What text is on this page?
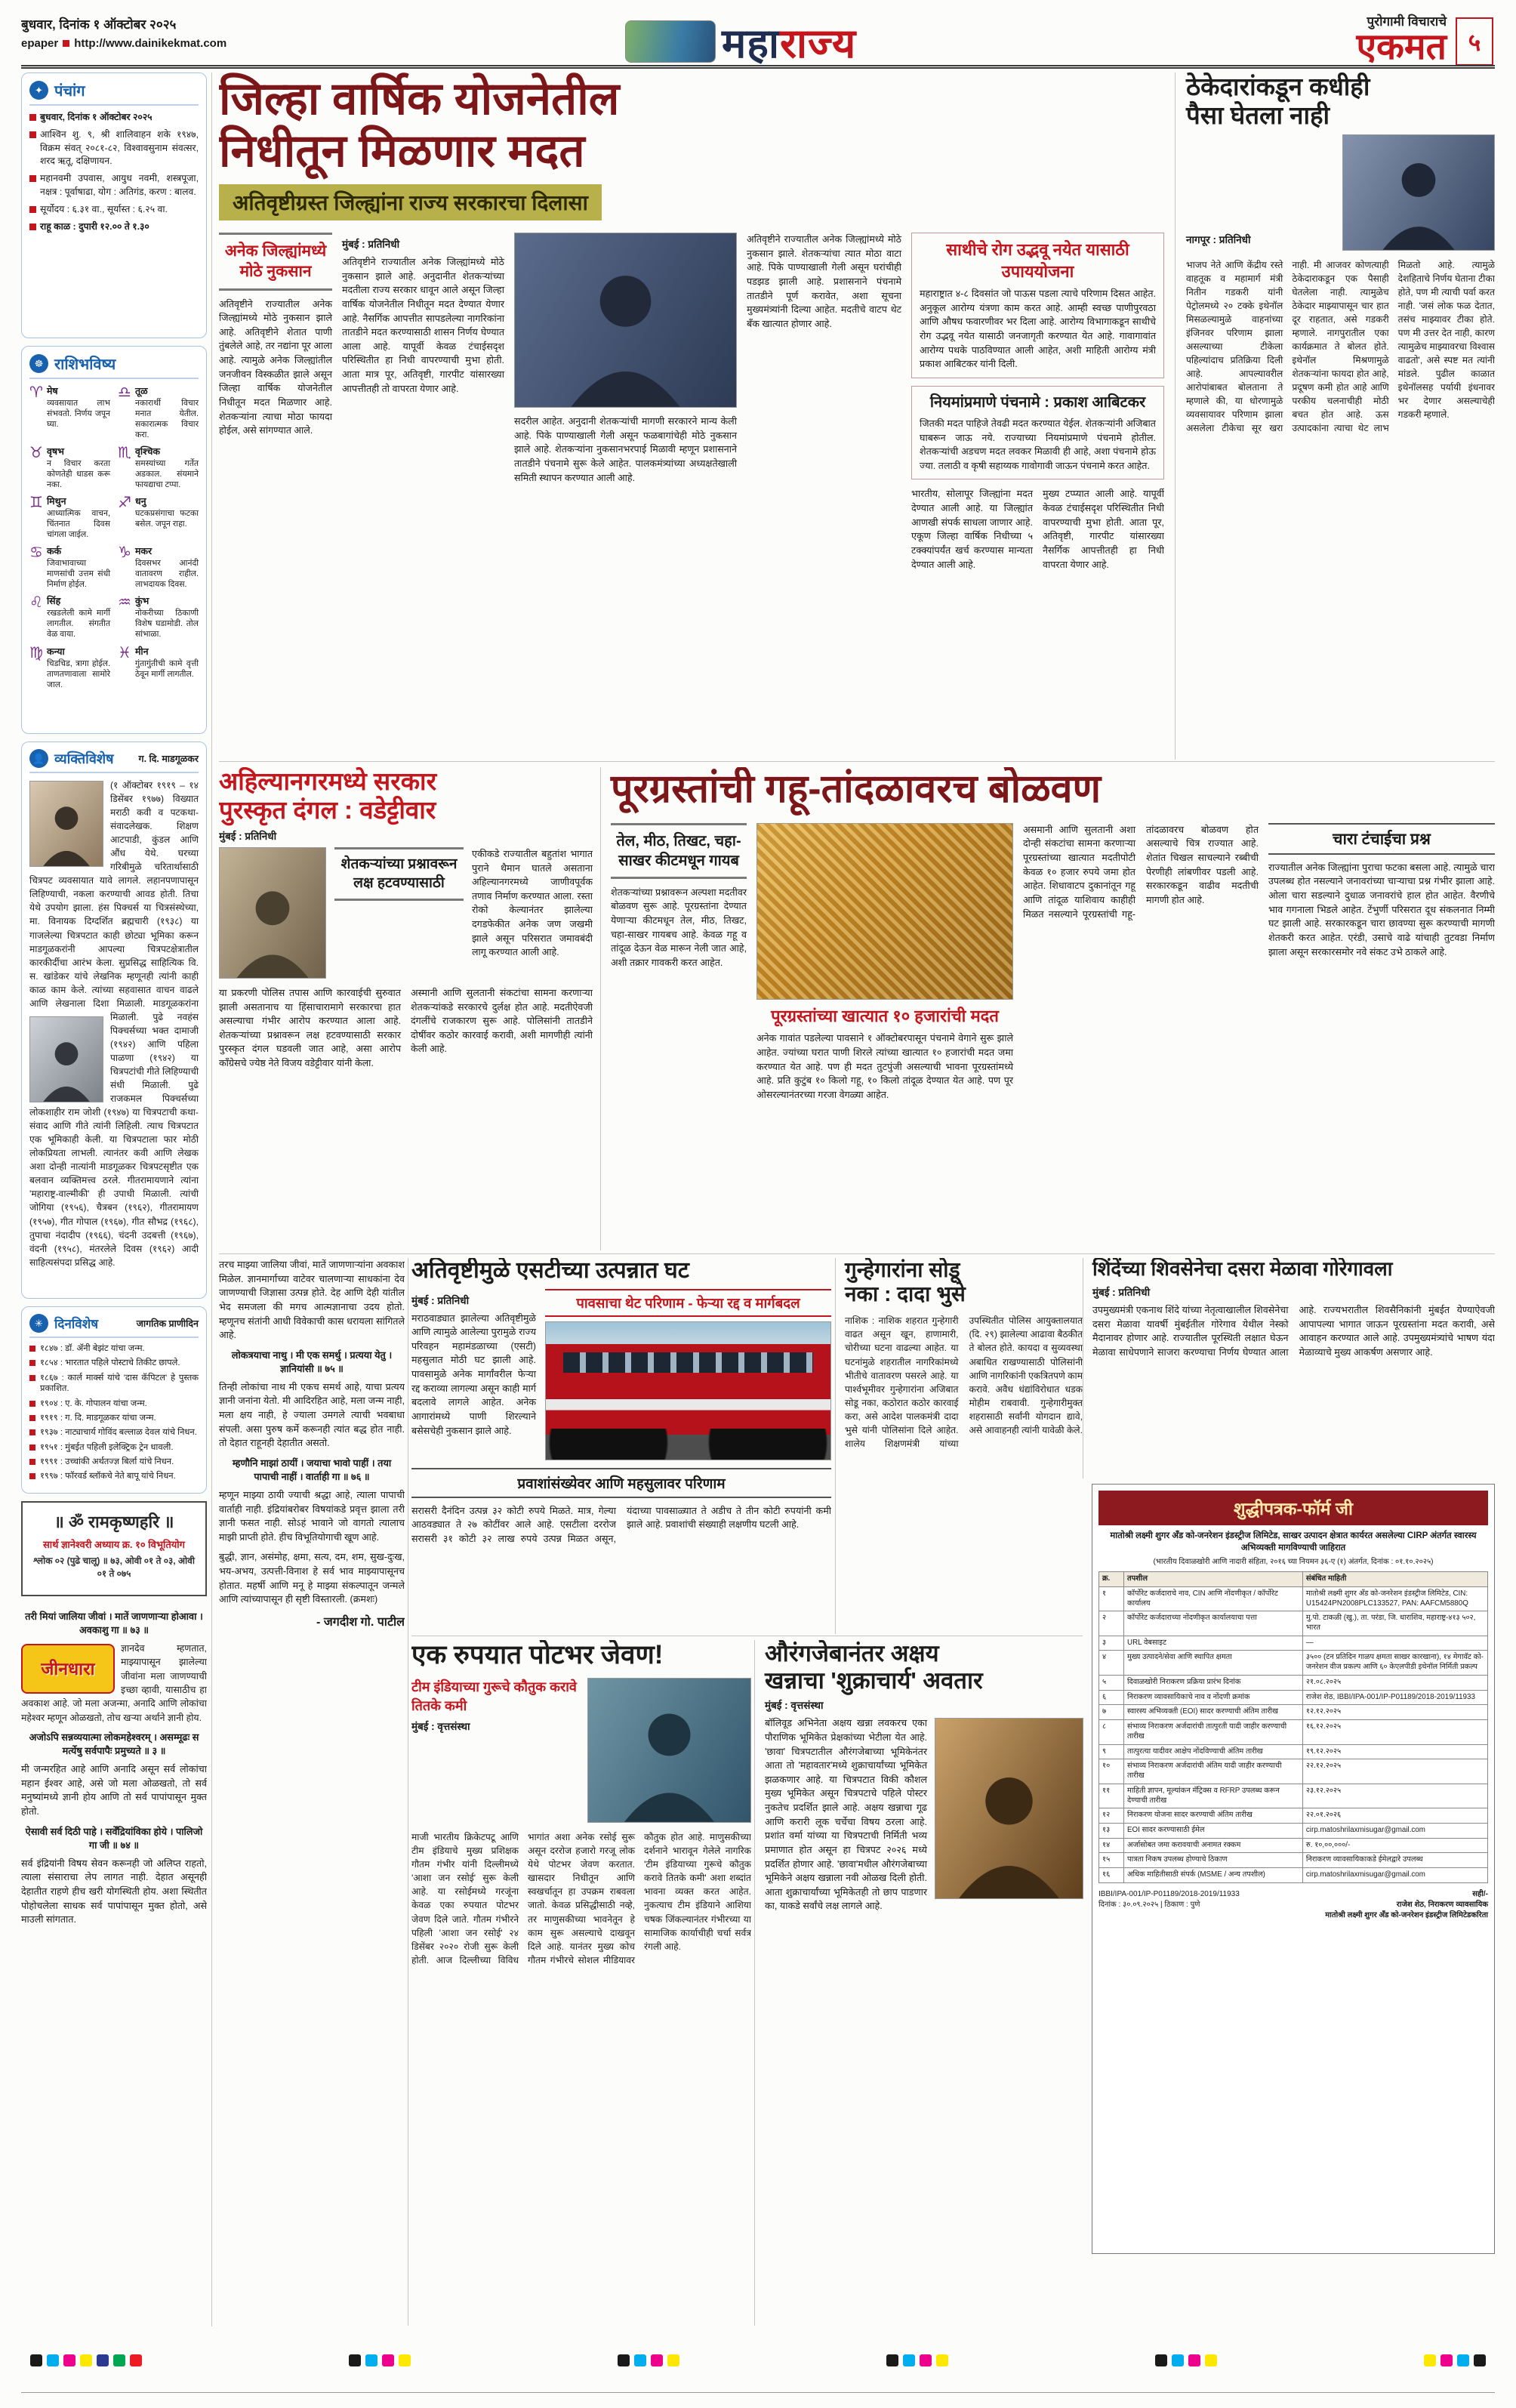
बुधवार, दिनांक १ ऑक्टोबर २०२५
epaper http://www.dainikekmat.com	महाराज्य	पुरोगामी विचाराचे
एकमत ५
✦ पंचांग
बुधवार, दिनांक १ ऑक्टोबर २०२५
आश्विन शु. ९, श्री शालिव‍ाहन शके १९४७, विक्रम संवत् २०८१-८२, विश्वावसुनाम संवत्सर, शरद ऋतू, दक्षिणायन.
महानवमी उपवास, आयुध नवमी, शस्त्रपूजा, नक्षत्र : पूर्वाषाढा, योग : अतिगंड, करण : बालव.
सूर्योदय : ६.३१ वा., सूर्यास्त : ६.२५ वा.
राहू काळ : दुपारी १२.०० ते १.३०
☸ राशिभविष्य
♈ मेष
व्यवसायात लाभ संभवतो. निर्णय जपून घ्या.
♎ तूळ
नकारार्थी विचार मनात येतील. सकारात्मक विचार करा.
♉ वृषभ
न विचार करता कोणतेही धाडस करू नका.
♏ वृश्चिक
समस्यांच्या गर्तेत अडकाल. संयमाने फायद्याचा टप्पा.
♊ मिथुन
आध्यात्मिक वाचन, चिंतनात दिवस चांगला जाईल.
♐ धनु
घटकप्रसंगाचा फटका बसेल. जपून राहा.
♋ कर्क
जिवाभावाच्या माणसांची उत्तम संधी निर्माण होईल.
♑ मकर
दिवसभर आनंदी वातावरण राहील. लाभदायक दिवस.
♌ सिंह
रखडलेली कामे मार्गी लागतील. संगतीत वेळ वाया.
♒ कुंभ
नोकरीच्या ठिकाणी विशेष घडामोडी. तोल सांभाळा.
♍ कन्या
चिडचिड, त्रागा होईल. ताणतणावाला सामोरे जाल.
♓ मीन
गुंतागुंतीची कामे वृत्ती ठेवून मार्गी लागतील.
👤 व्यक्तिविशेष	ग. दि. माडगूळकर
(१ ऑक्टोबर १९१९ – १४ डिसेंबर १९७७) विख्यात मराठी कवी व पटकथा-संवादलेखक. शिक्षण आटपाडी, कुंडल आणि औंध येथे. घरच्या गरिबीमुळे चरितार्थासाठी चित्रपट व्यवसायात यावे लागले. लहानपणापासून लिहिण्याची, नकला करण्याची आवड होती. तिचा येथे उपयोग झाला. हंस पिक्चर्स या चित्रसंस्थेच्या, मा. विनायक दिग्दर्शित ब्रह्मचारी (१९३८) या गाजलेल्या चित्रपटात काही छोट्या भूमिका करून माडगूळकरांनी आपल्या चित्रपटक्षेत्रातील कारकीर्दीचा आरंभ केला. सुप्रसिद्ध साहित्यिक वि. स. खांडेकर यांचे लेखनिक म्हणूनही त्यांनी काही काळ काम केले. त्यांच्या सहवासात वाचन वाढले आणि लेखनाला दिशा मिळाली. माडगूळकरांना मिळाली. पुढे नवहंस पिक्चर्सच्या भक्त दामाजी (१९४२) आणि पहिला पाळणा (१९४२) या चित्रपटांची गीते लिहिण्याची संधी मिळाली. पुढे राजकमल पिक्चर्सच्या लोकशाहीर राम जोशी (१९४७) या चित्रपटाची कथा-संवाद आणि गीते त्यांनी लिहिली. त्याच चित्रपटात एक भूमिकाही केली. या चित्रपटाला फार मोठी लोकप्रियता लाभली. त्यानंतर कवी आणि लेखक अशा दोन्ही नात्यांनी माडगूळकर चित्रपटसृष्टीत एक बलवान व्यक्तिमत्त्व ठरले. गीतरामायणाने त्यांना 'महाराष्ट्र-वाल्मीकी' ही उपाधी मिळाली. त्यांची जोगिया (१९५६), चैत्रबन (१९६२), गीतरामायण (१९५७), गीत गोपाल (१९६७), गीत सौभद्र (१९६८), तुपाचा नंदादीप (१९६६), चंदनी उदबत्ती (१९६७), वंदनी (१९५८), मंतरलेले दिवस (१९६२) आदी साहित्यसंपदा प्रसिद्ध आहे.
✳ दिनविशेष	जागतिक प्राणीदिन
१८४७ : डॉ. ॲनी बेझंट यांचा जन्म.
१८५४ : भारतात पहिले पोस्टाचे तिकीट छापले.
१८६७ : कार्ल मार्क्स यांचे 'दास कॅपिटल' हे पुस्तक प्रकाशित.
१९०४ : ए. के. गोपालन यांचा जन्म.
१९१९ : ग. दि. माडगूळकर यांचा जन्म.
१९३७ : नाट्याचार्य गोविंद बल्लाळ देवल यांचे निधन.
१९५१ : मुंबईत पहिली इलेक्ट्रिक ट्रेन धावली.
१९९१ : उच्चांकी अर्थतज्ज्ञ बिर्ला यांचे निधन.
१९९७ : फॉरवर्ड ब्लॉकचे नेते बापू यांचे निधन.
॥ ॐ रामकृष्णहरि ॥
सार्थ ज्ञानेश्वरी अध्याय क्र. १० विभूतियोग
श्लोक ०२ (पुढे चालू) ॥ ७३, ओवी ०१ ते ०३, ओवी ०१ ते ०७५
तरी मियां जालिया जीवां । मातें जाणणाऱ्या होआवा । अवकाशु गा ॥ ७३ ॥
जीनधारा
ज्ञानदेव म्हणतात, माझ्यापासून झालेल्या जीवांना मला जाणण्याची इच्छा व्हावी, यासाठीच हा अवकाश आहे. जो मला अजन्मा, अनादि आणि लोकांचा महेश्वर म्हणून ओळखतो, तोच खऱ्या अर्थाने ज्ञानी होय.
अजोऽपि सन्नव्ययात्मा लोकमहेश्वरम् । असम्मूढः स मर्त्येषु सर्वपापैः प्रमुच्यते ॥ ३ ॥
मी जन्मरहित आहे आणि अनादि असून सर्व लोकांचा महान ईश्वर आहे, असे जो मला ओळखतो, तो सर्व मनुष्यांमध्ये ज्ञानी होय आणि तो सर्व पापांपासून मुक्त होतो.
ऐसावी सर्व दिठी पाहे । सर्वेंद्रियांविका होये । पालिजो गा जी ॥ ७४ ॥
सर्व इंद्रियांनी विषय सेवन करूनही जो अलिप्त राहतो, त्याला संसाराचा लेप लागत नाही. देहात असूनही देहातीत राहणे हीच खरी योगस्थिती होय. अशा स्थितीत पोहोचलेला साधक सर्व पापांपासून मुक्त होतो, असे माउली सांगतात.
जिल्हा वार्षिक योजनेतील
निधीतून मिळणार मदत
अतिवृष्टीग्रस्त जिल्ह्यांना राज्य सरकारचा दिलासा
अनेक जिल्ह्यांमध्ये मोठे नुकसान
अतिवृष्टीने राज्यातील अनेक जिल्ह्यांमध्ये मोठे नुकसान झाले आहे. अतिवृष्टीने शेतात पाणी तुंबलेले आहे, तर नद्यांना पूर आला आहे. त्यामुळे अनेक जिल्ह्यांतील जनजीवन विस्कळीत झाले असून जिल्हा वार्षिक योजनेतील निधीतून मदत मिळणार आहे. शेतकऱ्यांना त्याचा मोठा फायदा होईल, असे सांगण्यात आले.
मुंबई : प्रतिनिधी
अतिवृष्टीने राज्यातील अनेक जिल्ह्यांमध्ये मोठे नुकसान झाले आहे. अनुदानीत शेतकऱ्यांच्या मदतीला राज्य सरकार धावून आले असून जिल्हा वार्षिक योजनेतील निधीतून मदत देण्यात येणार आहे. नैसर्गिक आपत्तीत सापडलेल्या नागरिकांना तातडीने मदत करण्यासाठी शासन निर्णय घेण्यात आला आहे. यापूर्वी केवळ टंचाईसदृश परिस्थितीत हा निधी वापरण्याची मुभा होती. आता मात्र पूर, अतिवृष्टी, गारपीट यांसारख्या आपत्तीतही तो वापरता येणार आहे.
सदरील आहेत. अनुदानी शेतकऱ्यांची मागणी सरकारने मान्य केली आहे. पिके पाण्याखाली गेली असून फळबागांचेही मोठे नुकसान झाले आहे. शेतकऱ्यांना नुकसानभरपाई मिळावी म्हणून प्रशासनाने तातडीने पंचनामे सुरू केले आहेत. पालकमंत्र्यांच्या अध्यक्षतेखाली समिती स्थापन करण्यात आली आहे.
अतिवृष्टीने राज्यातील अनेक जिल्ह्यांमध्ये मोठे नुकसान झाले. शेतकऱ्यांचा त्यात मोठा वाटा आहे. पिके पाण्याखाली गेली असून घरांचीही पडझड झाली आहे. प्रशासनाने पंचनामे तातडीने पूर्ण करावेत, अशा सूचना मुख्यमंत्र्यांनी दिल्या आहेत. मदतीचे वाटप थेट बँक खात्यात होणार आहे.
साथीचे रोग उद्भवू नयेत यासाठी उपाययोजना
महाराष्ट्रात ४-८ दिवसांत जो पाऊस पडला त्याचे परिणाम दिसत आहेत. अनुकूल आरोग्य यंत्रणा काम करत आहे. आम्ही स्वच्छ पाणीपुरवठा आणि औषध फवारणीवर भर दिला आहे. आरोग्य विभागाकडून साथीचे रोग उद्भवू नयेत यासाठी जनजागृती करण्यात येत आहे. गावागावांत आरोग्य पथके पाठविण्यात आली आहेत, अशी माहिती आरोग्य मंत्री प्रकाश आबिटकर यांनी दिली.
नियमांप्रमाणे पंचनामे : प्रकाश आबिटकर
जितकी मदत पाहिजे तेवढी मदत करण्यात येईल. शेतकऱ्यांनी अजिबात घाबरून जाऊ नये. राज्याच्या नियमांप्रमाणे पंचनामे होतील. शेतकऱ्यांची अडचण मदत लवकर मिळावी ही आहे, अशा पंचनामे होऊ ज्या. तलाठी व कृषी सहाय्यक गावोगावी जाऊन पंचनामे करत आहेत.
भारतीय, सोलापूर जिल्ह्यांना मदत देण्यात आली आहे. या जिल्ह्यांत आणखी संपर्क साधला जाणार आहे. एकूण जिल्हा वार्षिक निधीच्या ५ टक्क्यांपर्यंत खर्च करण्यास मान्यता देण्यात आली आहे.
मुख्य टप्प्यात आली आहे. यापूर्वी केवळ टंचाईसदृश परिस्थितीत निधी वापरण्याची मुभा होती. आता पूर, अतिवृष्टी, गारपीट यांसारख्या नैसर्गिक आपत्तीतही हा निधी वापरता येणार आहे.
ठेकेदारांकडून कधीही
पैसा घेतला नाही
नागपूर : प्रतिनिधी
भाजप नेते आणि केंद्रीय रस्ते वाहतूक व महामार्ग मंत्री नितीन गडकरी यांनी पेट्रोलमध्ये २० टक्के इथेनॉल मिसळल्यामुळे वाहनांच्या इंजिनवर परिणाम झाला असल्याच्या टीकेला पहिल्यांदाच प्रतिक्रिया दिली आहे. आपल्यावरील आरोपांबाबत बोलताना ते म्हणाले की, या धोरणामुळे व्यवसायावर परिणाम झाला असलेला टीकेचा सूर खरा नाही. मी आजवर कोणत्याही ठेकेदाराकडून एक पैसाही घेतलेला नाही. त्यामुळेच ठेकेदार माझ्यापासून चार हात दूर राहतात, असे गडकरी म्हणाले. नागपुरातील एका कार्यक्रमात ते बोलत होते. इथेनॉल मिश्रणामुळे शेतकऱ्यांना फायदा होत आहे, प्रदूषण कमी होत आहे आणि परकीय चलनाचीही मोठी बचत होत आहे. ऊस उत्पादकांना त्याचा थेट लाभ मिळतो आहे. त्यामुळे देशहिताचे निर्णय घेताना टीका होते, पण मी त्याची पर्वा करत नाही. 'जसं लोक फळ देतात, तसंच माझ्यावर टीका होते. पण मी उत्तर देत नाही, कारण त्यामुळेच माझ्यावरचा विश्वास वाढतो', असे स्पष्ट मत त्यांनी मांडले. पुढील काळात इथेनॉलसह पर्यायी इंधनावर भर देणार असल्याचेही गडकरी म्हणाले.
अहिल्यानगरमध्ये सरकार
पुरस्कृत दंगल : वडेट्टीवार
मुंबई : प्रतिनिधी
शेतकऱ्यांच्या प्रश्नावरून लक्ष हटवण्यासाठी
एकीकडे राज्यातील बहुतांश भागात पुराने थैमान घातले असताना अहिल्यानगरमध्ये जाणीवपूर्वक तणाव निर्माण करण्यात आला. रस्ता रोको केल्यानंतर झालेल्या दगडफेकीत अनेक जण जखमी झाले असून परिसरात जमावबंदी लागू करण्यात आली आहे.
या प्रकरणी पोलिस तपास आणि कारवाईची सुरुवात झाली असतानाच या हिंसाचारामागे सरकारचा हात असल्याचा गंभीर आरोप करण्यात आला आहे. शेतकऱ्यांच्या प्रश्नावरून लक्ष हटवण्यासाठी सरकार पुरस्कृत दंगल घडवली जात आहे, असा आरोप काँग्रेसचे ज्येष्ठ नेते विजय वडेट्टीवार यांनी केला.
अस्मानी आणि सुलतानी संकटांचा सामना करणाऱ्या शेतकऱ्यांकडे सरकारचे दुर्लक्ष होत आहे. मदतीऐवजी दंगलींचे राजकारण सुरू आहे. पोलिसांनी तातडीने दोषींवर कठोर कारवाई करावी, अशी मागणीही त्यांनी केली आहे.
पूरग्रस्तांची गहू-तांदळावरच बोळवण
तेल, मीठ, तिखट, चहा-साखर कीटमधून गायब
शेतकऱ्यांच्या प्रश्नावरून अल्पशा मदतीवर बोळवण सुरू आहे. पूरग्रस्तांना देण्यात येणाऱ्या कीटमधून तेल, मीठ, तिखट, चहा-साखर गायबच आहे. केवळ गहू व तांदूळ देऊन वेळ मारून नेली जात आहे, अशी तक्रार गावकरी करत आहेत.
पूरग्रस्तांच्या खात्यात १० हजारांची मदत
अनेक गावांत पडलेल्या पावसाने १ ऑक्टोबरपासून पंचनामे वेगाने सुरू झाले आहेत. ज्यांच्या घरात पाणी शिरले त्यांच्या खात्यात १० हजारांची मदत जमा करण्यात येत आहे. पण ही मदत तुटपुंजी असल्याची भावना पूरग्रस्तांमध्ये आहे. प्रति कुटुंब १० किलो गहू, १० किलो तांदूळ देण्यात येत आहे. पण पूर ओसरल्यानंतरच्या गरजा वेगळ्या आहेत.
असमानी आणि सुलतानी अशा दोन्ही संकटांचा सामना करणाऱ्या पूरग्रस्तांच्या खात्यात मदतीपोटी केवळ १० हजार रुपये जमा होत आहेत. शिधावाटप दुकानांतून गहू आणि तांदूळ याशिवाय काहीही मिळत नसल्याने पूरग्रस्तांची गहू-तांदळावरच बोळवण होत असल्याचे चित्र राज्यात आहे. शेतांत चिखल साचल्याने रब्बीची पेरणीही लांबणीवर पडली आहे. सरकारकडून वाढीव मदतीची मागणी होत आहे.
चारा टंचाईचा प्रश्न
राज्यातील अनेक जिल्ह्यांना पुराचा फटका बसला आहे. त्यामुळे चारा उपलब्ध होत नसल्याने जनावरांच्या चाऱ्याचा प्रश्न गंभीर झाला आहे. ओला चारा सडल्याने दुधाळ जनावरांचे हाल होत आहेत. वैरणीचे भाव गगनाला भिडले आहेत. टेंभुर्णी परिसरात दूध संकलनात निम्मी घट झाली आहे. सरकारकडून चारा छावण्या सुरू करण्याची मागणी शेतकरी करत आहेत. एरंडी, उसाचे वाढे यांचाही तुटवडा निर्माण झाला असून सरकारसमोर नवे संकट उभे ठाकले आहे.
तरच माझ्या जालिया जीवां, मातें जाणणाऱ्यांना अवकाश मिळेल. ज्ञानमार्गाच्या वाटेवर चालणाऱ्या साधकांना देव जाणण्याची जिज्ञासा उत्पन्न होते. देह आणि देही यांतील भेद समजला की मगच आत्मज्ञानाचा उदय होतो. म्हणूनच संतांनी आधी विवेकाची कास धरायला सांगितले आहे.
लोकत्रयाचा नाथु । मी एक समर्थु । प्रत्यया येतु । ज्ञानियांसी ॥ ७५ ॥
तिन्ही लोकांचा नाथ मी एकच समर्थ आहे, याचा प्रत्यय ज्ञानी जनांना येतो. मी आदिरहित आहे, मला जन्म नाही, मला क्षय नाही, हे ज्याला उमगले त्याची भवबाधा संपली. असा पुरुष कर्मे करूनही त्यांत बद्ध होत नाही. तो देहात राहूनही देहातीत असतो.
म्हणौनि माझां ठायीं । जयाचा भावो पाहीं । तया पापाची नाहीं । वार्ताही गा ॥ ७६ ॥
म्हणून माझ्या ठायी ज्याची श्रद्धा आहे, त्याला पापाची वार्ताही नाही. इंद्रियांबरोबर विषयांकडे प्रवृत्त झाला तरी ज्ञानी फसत नाही. सोऽहं भावाने जो वागतो त्यालाच माझी प्राप्ती होते. हीच विभूतियोगाची खूण आहे.
बुद्धी, ज्ञान, असंमोह, क्षमा, सत्य, दम, शम, सुख-दुःख, भय-अभय, उत्पत्ती-विनाश हे सर्व भाव माझ्यापासूनच होतात. महर्षी आणि मनू हे माझ्या संकल्पातून जन्मले आणि त्यांच्यापासून ही सृष्टी विस्तारली. (क्रमशः)
- जगदीश गो. पाटील
अतिवृष्टीमुळे एसटीच्या उत्पन्नात घट
मुंबई : प्रतिनिधी
मराठवाड्यात झालेल्या अतिवृष्टीमुळे आणि त्यामुळे आलेल्या पुरामुळे राज्य परिवहन महामंडळाच्या (एसटी) महसुलात मोठी घट झाली आहे. पावसामुळे अनेक मार्गांवरील फेऱ्या रद्द कराव्या लागल्या असून काही मार्ग बदलावे लागले आहेत. अनेक आगारांमध्ये पाणी शिरल्याने बसेसचेही नुकसान झाले आहे.
पावसाचा थेट परिणाम - फेऱ्या रद्द व मार्गबदल
प्रवाशांसंख्येवर आणि महसुलावर परिणाम
सरासरी दैनंदिन उत्पन्न ३२ कोटी रुपये मिळते. मात्र, गेल्या आठवड्यात ते २७ कोटींवर आले आहे. एसटीला दररोज सरासरी ३१ कोटी ३२ लाख रुपये उत्पन्न मिळत असून, यंदाच्या पावसाळ्यात ते अडीच ते तीन कोटी रुपयांनी कमी झाले आहे. प्रवाशांची संख्याही लक्षणीय घटली आहे.
गुन्हेगारांना सोडू
नका : दादा भुसे
नाशिक : नाशिक शहरात गुन्हेगारी वाढत असून खून, हाणामारी, चोरीच्या घटना वाढल्या आहेत. या घटनांमुळे शहरातील नागरिकांमध्ये भीतीचे वातावरण पसरले आहे. या पार्श्वभूमीवर गुन्हेगारांना अजिबात सोडू नका, कठोरात कठोर कारवाई करा, असे आदेश पालकमंत्री दादा भुसे यांनी पोलिसांना दिले आहेत. शालेय शिक्षणमंत्री यांच्या उपस्थितीत पोलिस आयुक्तालयात (दि. २९) झालेल्या आढावा बैठकीत ते बोलत होते. कायदा व सुव्यवस्था अबाधित राखण्यासाठी पोलिसांनी आणि नागरिकांनी एकत्रितपणे काम करावे. अवैध धंद्यांविरोधात धडक मोहीम राबवावी. गुन्हेगारीमुक्त शहरासाठी सर्वांनी योगदान द्यावे, असे आवाहनही त्यांनी यावेळी केले.
शिंदेंच्या शिवसेनेचा दसरा मेळावा गोरेगावला
मुंबई : प्रतिनिधी
उपमुख्यमंत्री एकनाथ शिंदे यांच्या नेतृत्वाखालील शिवसेनेचा दसरा मेळावा यावर्षी मुंबईतील गोरेगाव येथील नेस्को मैदानावर होणार आहे. राज्यातील पूरस्थिती लक्षात घेऊन मेळावा साधेपणाने साजरा करण्याचा निर्णय घेण्यात आला आहे. राज्यभरातील शिवसैनिकांनी मुंबईत येण्याऐवजी आपापल्या भागात जाऊन पूरग्रस्तांना मदत करावी, असे आवाहन करण्यात आले आहे. उपमुख्यमंत्र्यांचे भाषण यंदा मेळाव्याचे मुख्य आकर्षण असणार आहे.
शुद्धीपत्रक-फॉर्म जी
मातोश्री लक्ष्मी शुगर अँड को-जनरेशन इंडस्ट्रीज लिमिटेड, साखर उत्पादन क्षेत्रात कार्यरत असलेल्या CIRP अंतर्गत स्वारस्य अभिव्यक्ती मागविण्याची जाहिरात
(भारतीय दिवाळखोरी आणि नादारी संहिता, २०१६ च्या नियमन ३६-ए (१) अंतर्गत, दिनांक : ०१.१०.२०२५)
क्र.	तपशील	संबंधित माहिती
१	कॉर्पोरेट कर्जदाराचे नाव, CIN आणि नोंदणीकृत / कॉर्पोरेट कार्यालय	मातोश्री लक्ष्मी शुगर अँड को-जनरेशन इंडस्ट्रीज लिमिटेड, CIN: U15424PN2008PLC133527, PAN: AAFCM5880Q
२	कॉर्पोरेट कर्जदाराच्या नोंदणीकृत कार्यालयाचा पत्ता	मु.पो. टाकळी (खु.), ता. परंडा, जि. धाराशिव, महाराष्ट्र-४१३ ५०२, भारत
३	URL वेबसाइट	—
४	मुख्य उत्पादने/सेवा आणि स्थापित क्षमता	३५०० (टन प्रतिदिन गाळप क्षमता साखर कारखाना), १४ मेगावॅट को-जनरेशन वीज प्रकल्प आणि ६० केएलपीडी इथेनॉल निर्मिती प्रकल्प
५	दिवाळखोरी निराकरण प्रक्रिया प्रारंभ दिनांक	२१.०८.२०२५
६	निराकरण व्यावसायिकाचे नाव व नोंदणी क्रमांक	राजेश शेठ, IBBI/IPA-001/IP-P01189/2018-2019/11933
७	स्वारस्य अभिव्यक्ती (EOI) सादर करण्याची अंतिम तारीख	१२.१२.२०२५
८	संभाव्य निराकरण अर्जदारांची तात्पुरती यादी जाहीर करण्याची तारीख	१६.१२.२०२५
९	तात्पुरत्या यादीवर आक्षेप नोंदविण्याची अंतिम तारीख	१९.१२.२०२५
१०	संभाव्य निराकरण अर्जदारांची अंतिम यादी जाहीर करण्याची तारीख	२२.१२.२०२५
११	माहिती ज्ञापन, मूल्यांकन मॅट्रिक्स व RFRP उपलब्ध करून देण्याची तारीख	२३.१२.२०२५
१२	निराकरण योजना सादर करण्याची अंतिम तारीख	२२.०१.२०२६
१३	EOI सादर करण्यासाठी ईमेल	cirp.matoshrilaxmisugar@gmail.com
१४	अर्जासोबत जमा करावयाची अनामत रक्कम	रु. १०,००,०००/-
१५	पात्रता निकष उपलब्ध होण्याचे ठिकाण	निराकरण व्यावसायिकाकडे ईमेलद्वारे उपलब्ध
१६	अधिक माहितीसाठी संपर्क (MSME / अन्य तपशील)	cirp.matoshrilaxmisugar@gmail.com
IBBI/IPA-001/IP-P01189/2018-2019/11933
दिनांक : ३०.०९.२०२५ | ठिकाण : पुणे
सही/-
राजेश शेठ, निराकरण व्यावसायिक
मातोश्री लक्ष्मी शुगर अँड को-जनरेशन इंडस्ट्रीज लिमिटेडकरिता
एक रुपयात पोटभर जेवण!
टीम इंडियाच्या गुरूचे कौतुक करावे तितके कमी
मुंबई : वृत्तसंस्था
माजी भारतीय क्रिकेटपटू आणि टीम इंडियाचे मुख्य प्रशिक्षक गौतम गंभीर यांनी दिल्लीमध्ये 'आशा जन रसोई' सुरू केली आहे. या रसोईमध्ये गरजूंना केवळ एका रुपयात पोटभर जेवण दिले जाते. गौतम गंभीरने पहिली 'आशा जन रसोई' २४ डिसेंबर २०२० रोजी सुरू केली होती. आज दिल्लीच्या विविध भागांत अशा अनेक रसोई सुरू असून दररोज हजारो गरजू लोक येथे पोटभर जेवण करतात. खासदार निधीतून आणि स्वखर्चातून हा उपक्रम राबवला जातो. केवळ प्रसिद्धीसाठी नव्हे, तर माणुसकीच्या भावनेतून हे काम सुरू असल्याचे दाखवून दिले आहे. यानंतर मुख्य कोच गौतम गंभीरचे सोशल मीडियावर कौतुक होत आहे. माणुसकीच्या दर्शनाने भारावून गेलेले नागरिक 'टीम इंडियाच्या गुरूचे कौतुक करावे तितके कमी' अशा शब्दांत भावना व्यक्त करत आहेत. नुकत्याच टीम इंडियाने आशिया चषक जिंकल्यानंतर गंभीरच्या या सामाजिक कार्याचीही चर्चा सर्वत्र रंगली आहे.
औरंगजेबानंतर अक्षय
खन्नाचा 'शुक्राचार्य' अवतार
मुंबई : वृत्तसंस्था
बॉलिवूड अभिनेता अक्षय खन्ना लवकरच एका पौराणिक भूमिकेत प्रेक्षकांच्या भेटीला येत आहे. 'छावा' चित्रपटातील औरंगजेबाच्या भूमिकेनंतर आता तो 'महावतार'मध्ये शुक्राचार्यांच्या भूमिकेत झळकणार आहे. या चित्रपटात विकी कौशल मुख्य भूमिकेत असून चित्रपटाचे पहिले पोस्टर नुकतेच प्रदर्शित झाले आहे. अक्षय खन्नाचा गूढ आणि करारी लूक चर्चेचा विषय ठरला आहे. प्रशांत वर्मा यांच्या या चित्रपटाची निर्मिती भव्य प्रमाणात होत असून हा चित्रपट २०२६ मध्ये प्रदर्शित होणार आहे. 'छावा'मधील औरंगजेबाच्या भूमिकेने अक्षय खन्नाला नवी ओळख दिली होती. आता शुक्राचार्यांच्या भूमिकेतही तो छाप पाडणार का, याकडे सर्वांचे लक्ष लागले आहे.
